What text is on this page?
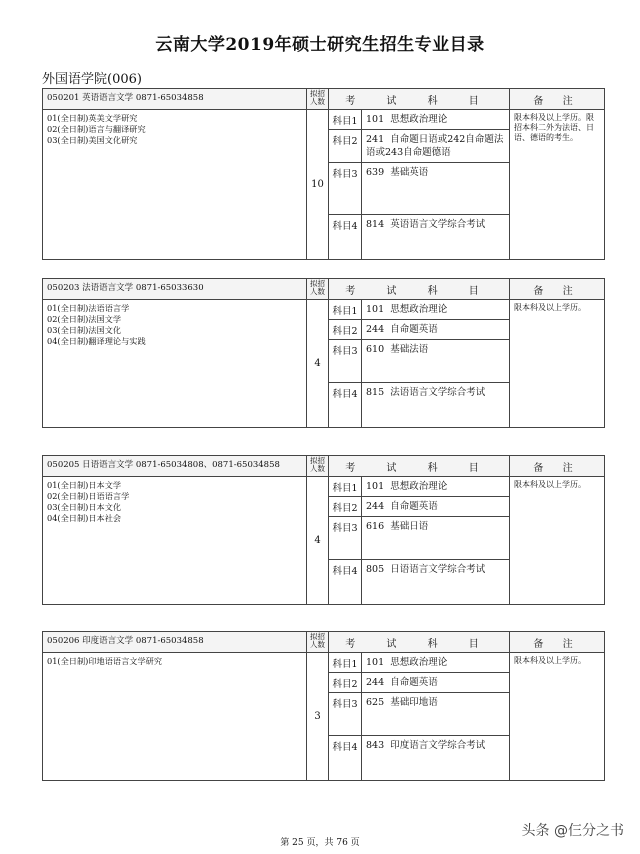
云南大学2019年硕士研究生招生专业目录
外国语学院(006)
050201 英语语言文学 0871-65034858	拟招人数	考 试 科 目		备 注

01(全日制)英美文学研究
02(全日制)语言与翻译研究
03(全日制)美国文化研究	10	科目1	101 思想政治理论	限本科及以上学历。限招本科二外为法语、日语、德语的考生。
		科目2	241 自命题日语或242自命题法语或243自命题德语	
		科目3	639 基础英语	
		科目4	814 英语语言文学综合考试	
050203 法语语言文学 0871-65033630	拟招人数	考 试 科 目		备 注

01(全日制)法语语言学
02(全日制)法国文学
03(全日制)法国文化
04(全日制)翻译理论与实践	4	科目1	101 思想政治理论	限本科及以上学历。
		科目2	244 自命题英语	
		科目3	610 基础法语	
		科目4	815 法语语言文学综合考试	
050205 日语语言文学 0871-65034808、0871-65034858	拟招人数	考 试 科 目		备 注

01(全日制)日本文学
02(全日制)日语语言学
03(全日制)日本文化
04(全日制)日本社会	4	科目1	101 思想政治理论	限本科及以上学历。
		科目2	244 自命题英语	
		科目3	616 基础日语	
		科目4	805 日语语言文学综合考试	
050206 印度语言文学 0871-65034858	拟招人数	考 试 科 目		备 注

01(全日制)印地语语言文学研究	3	科目1	101 思想政治理论	限本科及以上学历。
		科目2	244 自命题英语	
		科目3	625 基础印地语	
		科目4	843 印度语言文学综合考试	
第 25 页，共 76 页
头条 @仨分之书
